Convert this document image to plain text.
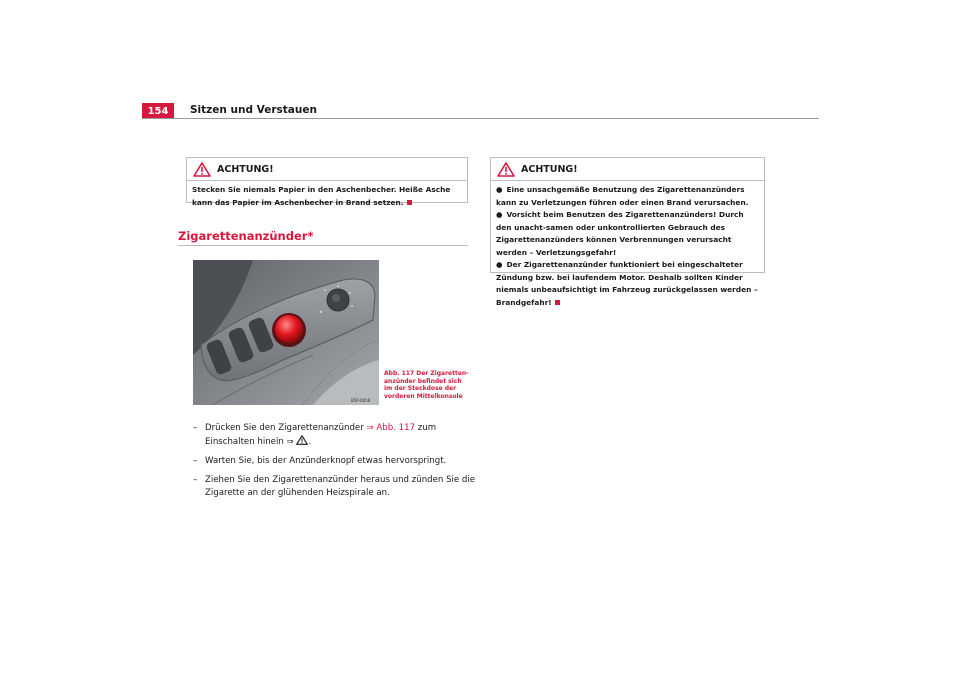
154	Sitzen und Verstauen
ACHTUNG!
Stecken Sie niemals Papier in den Aschenbecher. Heiße Asche kann das Papier im Aschenbecher in Brand setzen.
Zigarettenanzünder*
B5P-0656
Abb. 117 Der Zigaretten-anzünder befindet sich im der Steckdose der vorderen Mittelkonsole
– Drücken Sie den Zigarettenanzünder ⇒ Abb. 117 zum Einschalten hinein ⇒ .
– Warten Sie, bis der Anzünderknopf etwas hervorspringt.
– Ziehen Sie den Zigarettenanzünder heraus und zünden Sie die Zigarette an der glühenden Heizspirale an.
ACHTUNG!

● Eine unsachgemäße Benutzung des Zigarettenanzünders kann zu Verletzungen führen oder einen Brand verursachen.

● Vorsicht beim Benutzen des Zigarettenanzünders! Durch den unacht-samen oder unkontrollierten Gebrauch des Zigarettenanzünders können Verbrennungen verursacht werden – Verletzungsgefahr!

● Der Zigarettenanzünder funktioniert bei eingeschalteter Zündung bzw. bei laufendem Motor. Deshalb sollten Kinder niemals unbeaufsichtigt im Fahrzeug zurückgelassen werden – Brandgefahr!
